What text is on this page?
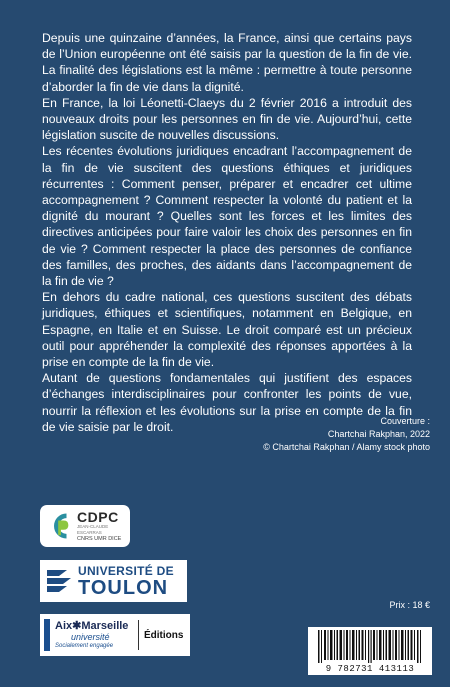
Depuis une quinzaine d’années, la France, ainsi que certains pays de l’Union européenne ont été saisis par la question de la fin de vie. La finalité des législations est la même : permettre à toute personne d’aborder la fin de vie dans la dignité.

En France, la loi Léonetti-Claeys du 2 février 2016 a introduit des nouveaux droits pour les personnes en fin de vie. Aujourd’hui, cette législation suscite de nouvelles discussions.

Les récentes évolutions juridiques encadrant l’accompagnement de la fin de vie suscitent des questions éthiques et juridiques récurrentes : Comment penser, préparer et encadrer cet ultime accompagnement ? Comment respecter la volonté du patient et la dignité du mourant ? Quelles sont les forces et les limites des directives anticipées pour faire valoir les choix des personnes en fin de vie ? Comment respecter la place des personnes de confiance des familles, des proches, des aidants dans l’accompagnement de la fin de vie ?

En dehors du cadre national, ces questions suscitent des débats juridiques, éthiques et scientifiques, notamment en Belgique, en Espagne, en Italie et en Suisse. Le droit comparé est un précieux outil pour appréhender la complexité des réponses apportées à la prise en compte de la fin de vie.

Autant de questions fondamentales qui justifient des espaces d’échanges interdisciplinaires pour confronter les points de vue, nourrir la réflexion et les évolutions sur la prise en compte de la fin de vie saisie par le droit.	Couverture :
Chartchai Rakphan, 2022
© Chartchai Rakphan / Alamy stock photo
CDPC
JEAN-CLAUDE ESCARRAS
CNRS UMR DICE
UNIVERSITÉ DE
TOULON
Aix✱Marseille
université
Socialement engagée
Éditions
Prix : 18 €
9 782731 413113
